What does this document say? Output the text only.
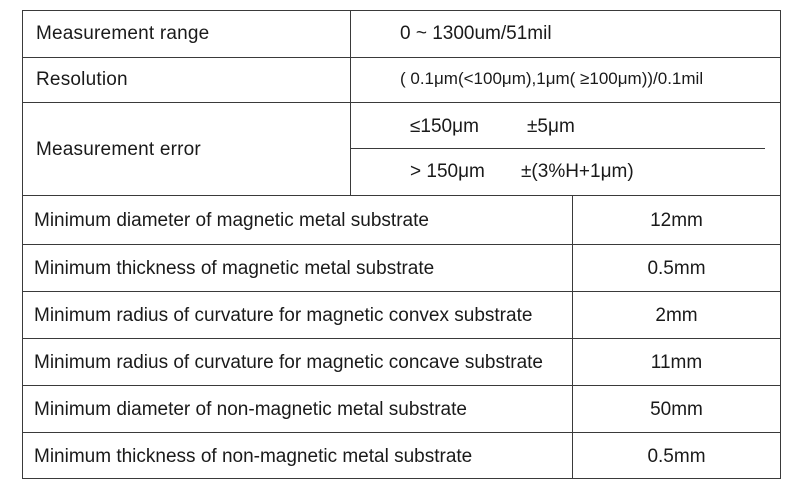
Measurement range	0 ~ 1300um/51mil
Resolution	( 0.1μm(<100μm),1μm( ≥100μm))/0.1mil
Measurement error
≤150μm	±5μm
> 150μm ±(3%H+1μm)
Minimum diameter of magnetic metal substrate	12mm
Minimum thickness of magnetic metal substrate	0.5mm
Minimum radius of curvature for magnetic convex substrate	2mm
Minimum radius of curvature for magnetic concave substrate	11mm
Minimum diameter of non-magnetic metal substrate	50mm
Minimum thickness of non-magnetic metal substrate	0.5mm
